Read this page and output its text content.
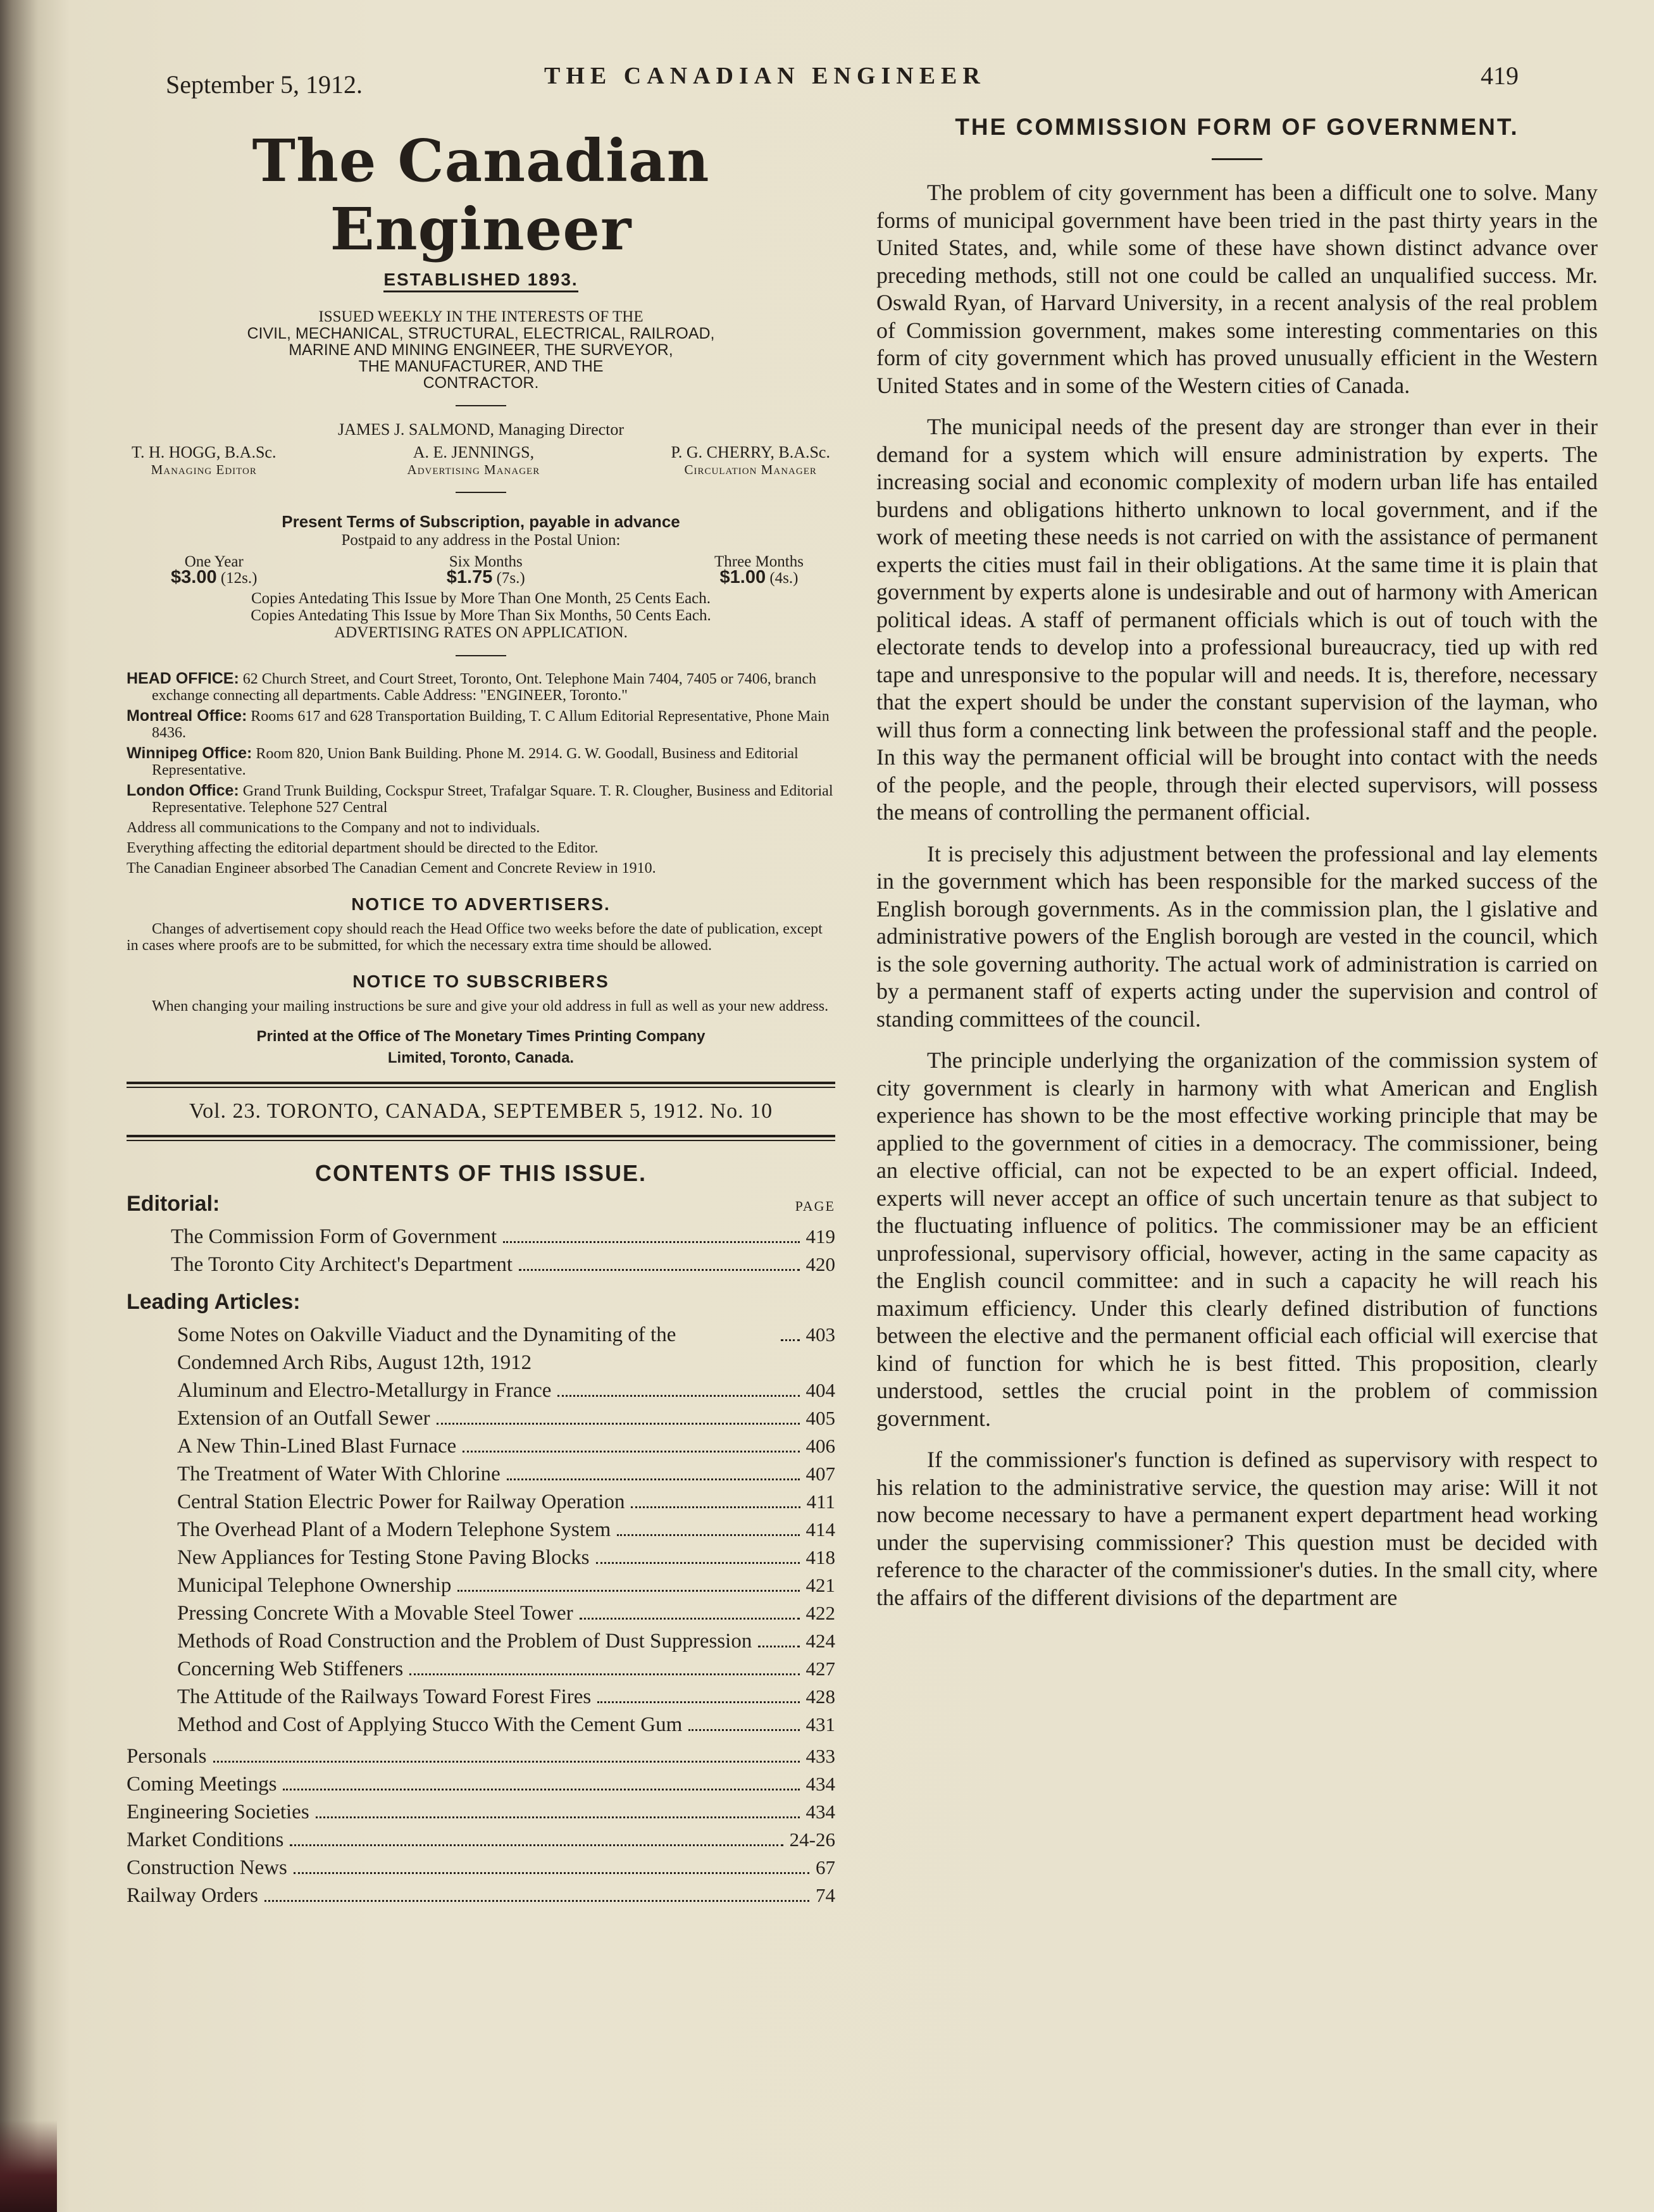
September 5, 1912.	THE CANADIAN ENGINEER	419
The Canadian Engineer
ESTABLISHED 1893.
ISSUED WEEKLY IN THE INTERESTS OF THE
CIVIL, MECHANICAL, STRUCTURAL, ELECTRICAL, RAILROAD,
MARINE AND MINING ENGINEER, THE SURVEYOR,
THE MANUFACTURER, AND THE
CONTRACTOR.
JAMES J. SALMOND, Managing Director
T. H. HOGG, B.A.Sc.
Managing Editor
A. E. JENNINGS,
Advertising Manager
P. G. CHERRY, B.A.Sc.
Circulation Manager
Present Terms of Subscription, payable in advance
Postpaid to any address in the Postal Union:
One Year
$3.00 (12s.)
Six Months
$1.75 (7s.)
Three Months
$1.00 (4s.)
Copies Antedating This Issue by More Than One Month, 25 Cents Each.
Copies Antedating This Issue by More Than Six Months, 50 Cents Each.
ADVERTISING RATES ON APPLICATION.

HEAD OFFICE: 62 Church Street, and Court Street, Toronto, Ont. Telephone Main 7404, 7405 or 7406, branch exchange connecting all departments. Cable Address: "ENGINEER, Toronto."

Montreal Office: Rooms 617 and 628 Transportation Building, T. C Allum Editorial Representative, Phone Main 8436.

Winnipeg Office: Room 820, Union Bank Building. Phone M. 2914. G. W. Goodall, Business and Editorial Representative.

London Office: Grand Trunk Building, Cockspur Street, Trafalgar Square. T. R. Clougher, Business and Editorial Representative. Telephone 527 Central

Address all communications to the Company and not to individuals.

Everything affecting the editorial department should be directed to the Editor.

The Canadian Engineer absorbed The Canadian Cement and Concrete Review in 1910.

NOTICE TO ADVERTISERS.

Changes of advertisement copy should reach the Head Office two weeks before the date of publication, except in cases where proofs are to be submitted, for which the necessary extra time should be allowed.

NOTICE TO SUBSCRIBERS

When changing your mailing instructions be sure and give your old address in full as well as your new address.

Printed at the Office of The Monetary Times Printing Company
Limited, Toronto, Canada.
Vol. 23. TORONTO, CANADA, SEPTEMBER 5, 1912. No. 10
CONTENTS OF THIS ISSUE.
Editorial:	PAGE
The Commission Form of Government	419
The Toronto City Architect's Department	420
Leading Articles:
Some Notes on Oakville Viaduct and the Dynamiting of the Condemned Arch Ribs, August 12th, 1912
403
Aluminum and Electro-Metallurgy in France	404
Extension of an Outfall Sewer	405
A New Thin-Lined Blast Furnace	406
The Treatment of Water With Chlorine	407
Central Station Electric Power for Railway Operation	411
The Overhead Plant of a Modern Telephone System	414
New Appliances for Testing Stone Paving Blocks	418
Municipal Telephone Ownership	421
Pressing Concrete With a Movable Steel Tower	422
Methods of Road Construction and the Problem of Dust Suppression	424
Concerning Web Stiffeners	427
The Attitude of the Railways Toward Forest Fires	428
Method and Cost of Applying Stucco With the Cement Gum	431
Personals	433
Coming Meetings	434
Engineering Societies	434
Market Conditions	24-26
Construction News	67
Railway Orders	74
THE COMMISSION FORM OF GOVERNMENT.

The problem of city government has been a difficult one to solve. Many forms of municipal government have been tried in the past thirty years in the United States, and, while some of these have shown distinct advance over preceding methods, still not one could be called an unqualified success. Mr. Oswald Ryan, of Harvard University, in a recent analysis of the real problem of Commission government, makes some interesting commentaries on this form of city government which has proved unusually efficient in the Western United States and in some of the Western cities of Canada.

The municipal needs of the present day are stronger than ever in their demand for a system which will ensure administration by experts. The increasing social and economic complexity of modern urban life has entailed burdens and obligations hitherto unknown to local government, and if the work of meeting these needs is not carried on with the assistance of permanent experts the cities must fail in their obligations. At the same time it is plain that government by experts alone is undesirable and out of harmony with American political ideas. A staff of permanent officials which is out of touch with the electorate tends to develop into a professional bureaucracy, tied up with red tape and unresponsive to the popular will and needs. It is, therefore, necessary that the expert should be under the constant supervision of the layman, who will thus form a connecting link between the professional staff and the people. In this way the permanent official will be brought into contact with the needs of the people, and the people, through their elected supervisors, will possess the means of controlling the permanent official.

It is precisely this adjustment between the professional and lay elements in the government which has been responsible for the marked success of the English borough governments. As in the commission plan, the l gislative and administrative powers of the English borough are vested in the council, which is the sole governing authority. The actual work of administration is carried on by a permanent staff of experts acting under the supervision and control of standing committees of the council.

The principle underlying the organization of the commission system of city government is clearly in harmony with what American and English experience has shown to be the most effective working principle that may be applied to the government of cities in a democracy. The commissioner, being an elective official, can not be expected to be an expert official. Indeed, experts will never accept an office of such uncertain tenure as that subject to the fluctuating influence of politics. The commissioner may be an efficient unprofessional, supervisory official, however, acting in the same capacity as the English council committee: and in such a capacity he will reach his maximum efficiency. Under this clearly defined distribution of functions between the elective and the permanent official each official will exercise that kind of function for which he is best fitted. This proposition, clearly understood, settles the crucial point in the problem of commission government.

If the commissioner's function is defined as supervisory with respect to his relation to the administrative service, the question may arise: Will it not now become necessary to have a permanent expert department head working under the supervising commissioner? This question must be decided with reference to the character of the commissioner's duties. In the small city, where the affairs of the different divisions of the department are
